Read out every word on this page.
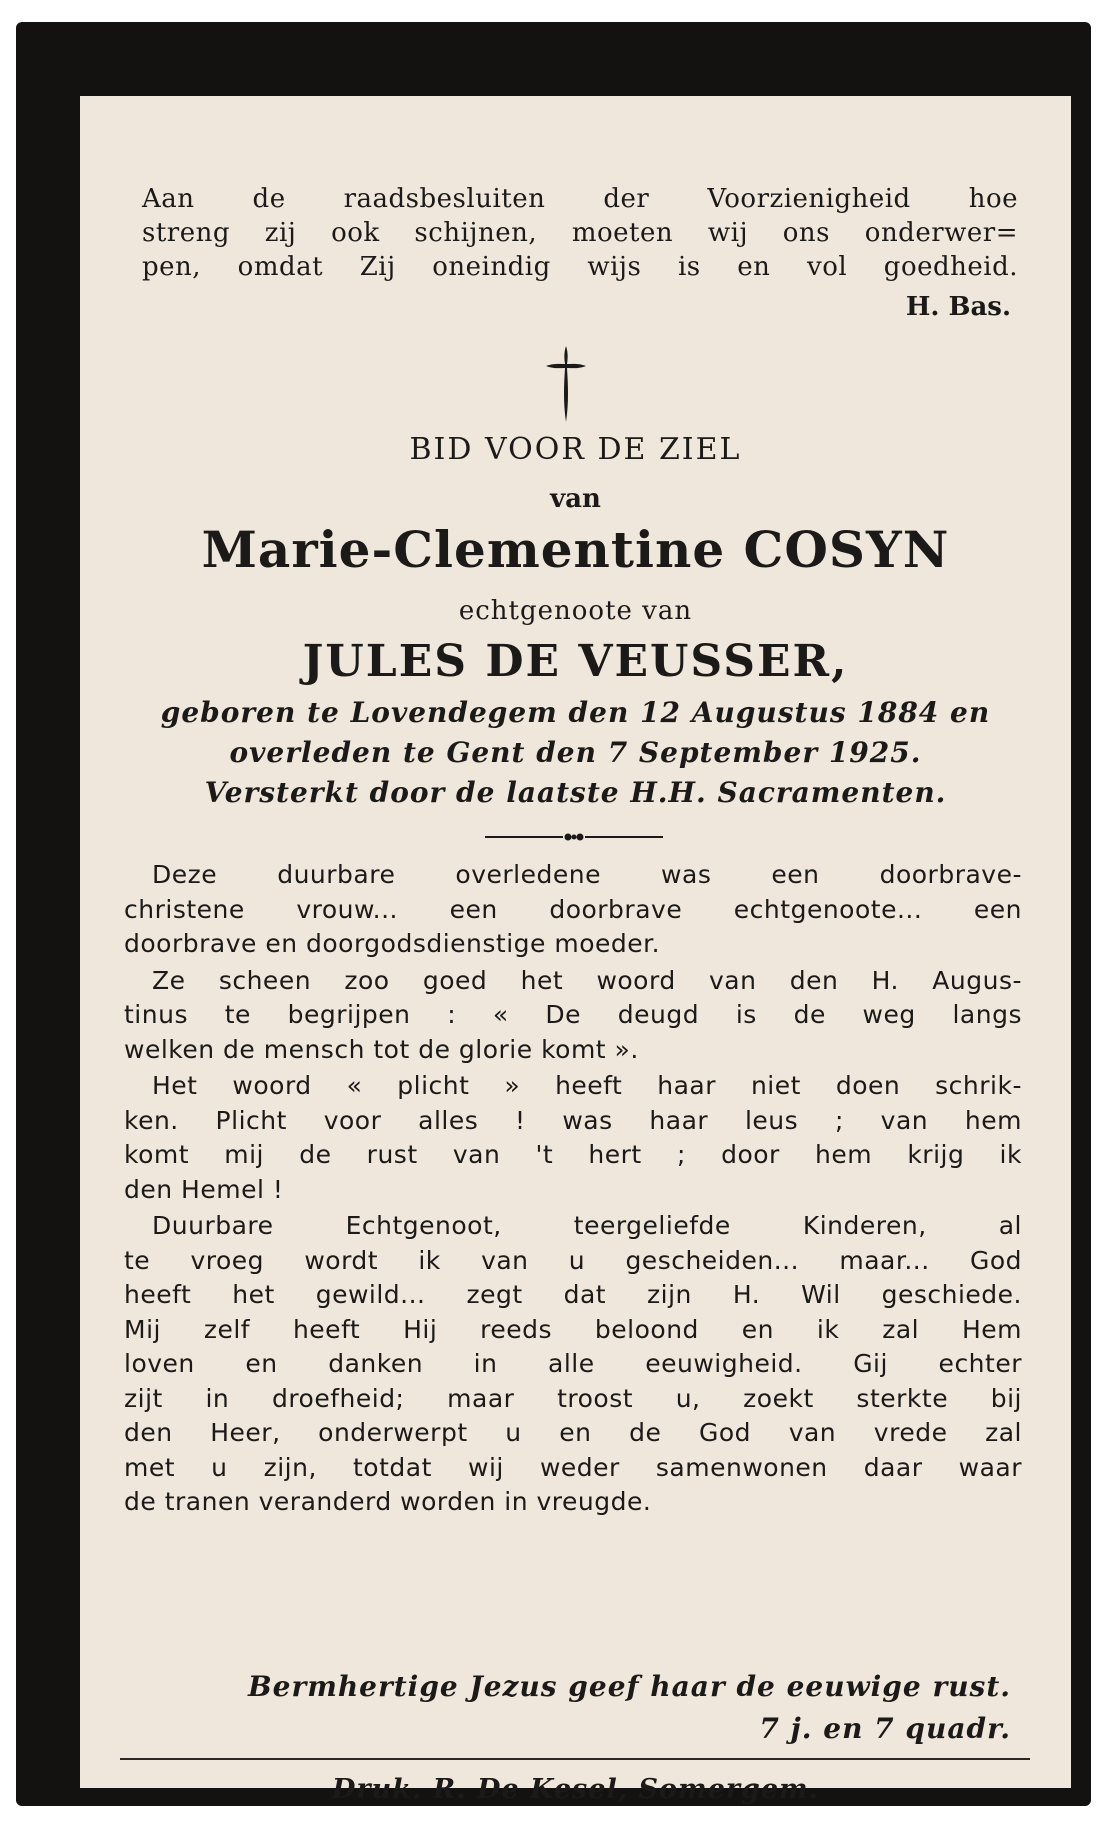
Aan de raadsbesluiten der Voorzienigheid hoe
streng zij ook schijnen, moeten wij ons onderwer=
pen, omdat Zij oneindig wijs is en vol goedheid.
H. Bas.
BID VOOR DE ZIEL
van
Marie-Clementine COSYN
echtgenoote van
JULES DE VEUSSER,
geboren te Lovendegem den 12 Augustus 1884 en
overleden te Gent den 7 September 1925.
Versterkt door de laatste H.H. Sacramenten.
Deze duurbare overledene was een doorbrave-
christene vrouw... een doorbrave echtgenoote... een
doorbrave en doorgodsdienstige moeder.
Ze scheen zoo goed het woord van den H. Augus-
tinus te begrijpen : « De deugd is de weg langs
welken de mensch tot de glorie komt ».
Het woord « plicht » heeft haar niet doen schrik-
ken. Plicht voor alles ! was haar leus ; van hem
komt mij de rust van 't hert ; door hem krijg ik
den Hemel !
Duurbare Echtgenoot, teergeliefde Kinderen, al
te vroeg wordt ik van u gescheiden... maar... God
heeft het gewild... zegt dat zijn H. Wil geschiede.
Mij zelf heeft Hij reeds beloond en ik zal Hem
loven en danken in alle eeuwigheid. Gij echter
zijt in droefheid; maar troost u, zoekt sterkte bij
den Heer, onderwerpt u en de God van vrede zal
met u zijn, totdat wij weder samenwonen daar waar
de tranen veranderd worden in vreugde.
Bermhertige Jezus geef haar de eeuwige rust.
7 j. en 7 quadr.
Druk. R. De Kesel, Somergem.
